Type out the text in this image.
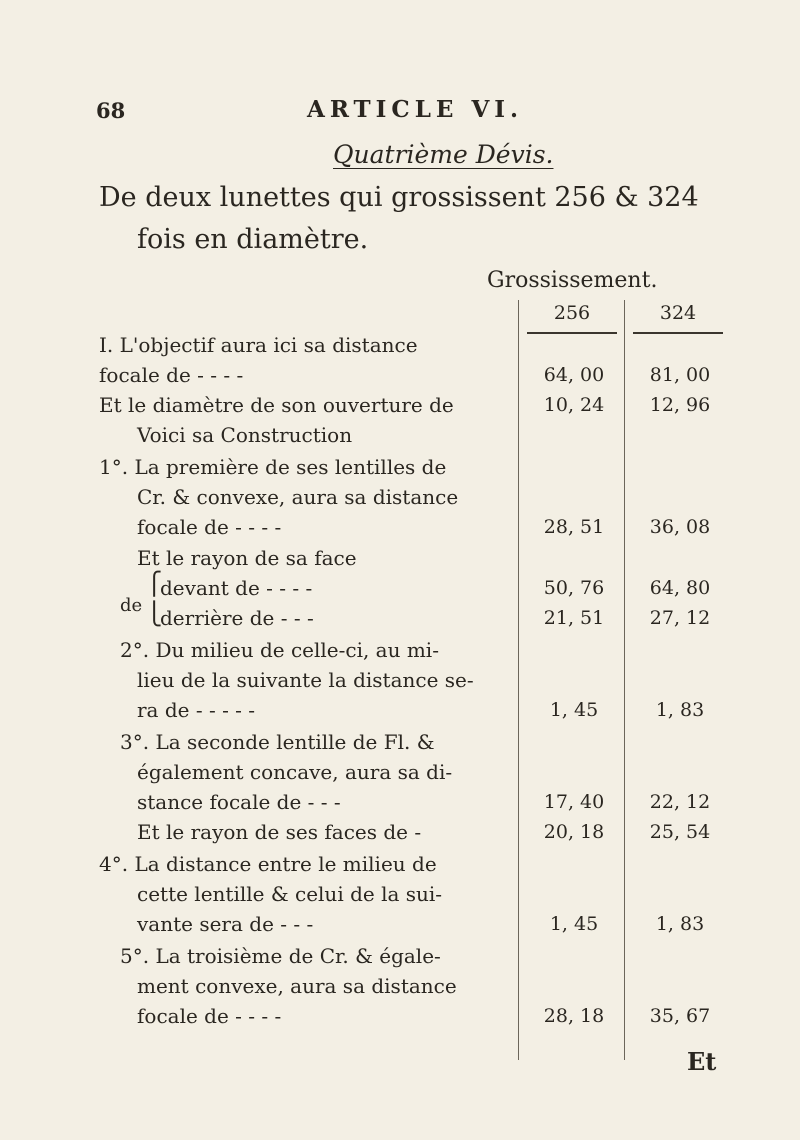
68	ARTICLE VI.
Quatrième Dévis.
De deux lunettes qui grossissent 256 & 324
fois en diamètre.
Grossissement.
256	324
I. L'objectif aura ici sa distance
focale de - - - -	64, 00	81, 00
Et le diamètre de son ouverture de	10, 24	12, 96
Voici sa Construction
1°. La première de ses lentilles de
Cr. & convexe, aura sa distance
focale de - - - -	28, 51	36, 08
Et le rayon de sa face
devant de - - - -	50, 76	64, 80
derrière de - - -	21, 51	27, 12
2°. Du milieu de celle-ci, au mi-
lieu de la suivante la distance se-
ra de - - - - -	1, 45	1, 83
3°. La seconde lentille de Fl. &
également concave, aura sa di-
stance focale de - - -	17, 40	22, 12
Et le rayon de ses faces de -	20, 18	25, 54
4°. La distance entre le milieu de
cette lentille & celui de la sui-
vante sera de - - -	1, 45	1, 83
5°. La troisième de Cr. & égale-
ment convexe, aura sa distance
focale de - - - -	28, 18	35, 67
de
⎧
⎩
Et
